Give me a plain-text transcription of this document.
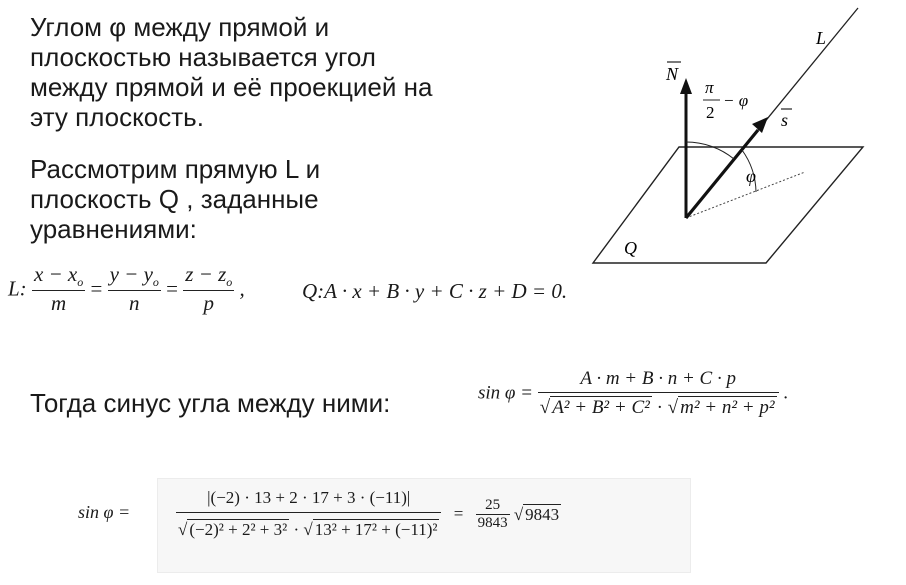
Углом φ между прямой и
плоскостью называется угол
между прямой и её проекцией на
эту плоскость.
Рассмотрим прямую L и
плоскость Q , заданные
уравнениями:
L
N
s
π
2
− φ
φ
Q
L: $\frac{x - x_o}{m} = \frac{y - y_o}{n} = \frac{z - z_o}{p}$ ,	Q:A · x + B · y + C · z + D = 0.
Тогда синус угла между ними:	$\sin \varphi = \frac{A \cdot m + B \cdot n + C \cdot p}{\text{√ A² + B² + C² · √ m² + n² + p²}}$ .
sin φ =	$\frac{|(-2) \cdot 13 + 2 \cdot 17 + 3 \cdot (-11)|}{\text{√ (−2)² + 2² + 3² · √ 13² + 17² + (−11)²}} = \frac{25}{9843}$ √ 9843
